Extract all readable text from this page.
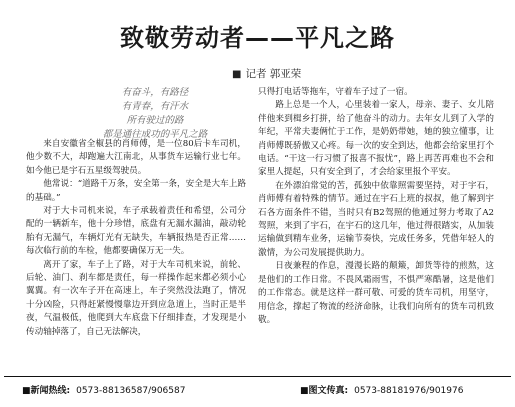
致敬劳动者——平凡之路
■ 记者 郭亚荣
有奋斗，有路径
有青春，有汗水
所有驶过的路
都是通往成功的平凡之路

来自安徽省全椒县的肖师傅，是一位80后卡车司机，他少数不大，却跑遍大江南北，从事货车运输行业七年。如今他已是宇石五星级驾驶员。

他常说：“道路千万条，安全第一条，安全是大车上路的基础。”

对于大卡司机来说，车子承载着责任和希望，公司分配的一辆新车，他十分珍惜，底盘有无漏水漏油，敲动轮胎有无漏气，车辆灯光有无缺失，车辆报热是否正常……每次临行前的车检，他都要确保万无一失。

离开了家，车子上了路，对于大车司机来说，前轮、后轮、油门、刹车都是责任，每一样操作起来都必须小心翼翼。有一次车子开在高速上，车子突然没法跑了，情况十分凶险，只得赶紧慢慢靠边开到应急道上，当时正是半夜，气温极低，他爬到大车底盘下仔细排查，才发现是小传动轴掉落了，自己无法解决，

只得打电话等拖车，守着车子过了一宿。

路上总是一个人，心里装着一家人，母亲、妻子、女儿陪伴他来到楫乡打拼，给了他奋斗的动力。去年女儿到了入学的年纪，平常夫妻俩忙于工作，是奶奶带她，她的独立懂事，让肖师傅既骄傲又心疼。每一次的安全到达，他都会给家里打个电话。“干这一行习惯了报喜不报忧”，路上再苦再难也不会和家里人提起，只有安全到了，才会给家里报个平安。

在外漂泊常觉的苦，孤独中依靠照需要坚持，对于宇石，肖师傅有着特殊的情节。通过在宇石上班的叔叔，他了解到宇石各方面条件不错，当时只有B2驾照的他通过努力考取了A2驾照，来到了宇石，在宇石的这几年，他过得很踏实，从加装运输做到精车业务，运输节奏快，完成任务多，凭借年轻人的激情，为公司发展提供助力。

日夜兼程的作息，漫漫长路的颠簸，卸货等待的煎熬，这是他们的工作日常。不畏风霜雨雪，不惧严寒酷暑，这是他们的工作常态。就是这样一群可敬、可爱的货车司机，用坚守，用信念，撑起了物流的经济命脉，让我们向所有的货车司机致敬。

■新闻热线: 0573-88136587/906587	■图文传真: 0573-88181976/901976
